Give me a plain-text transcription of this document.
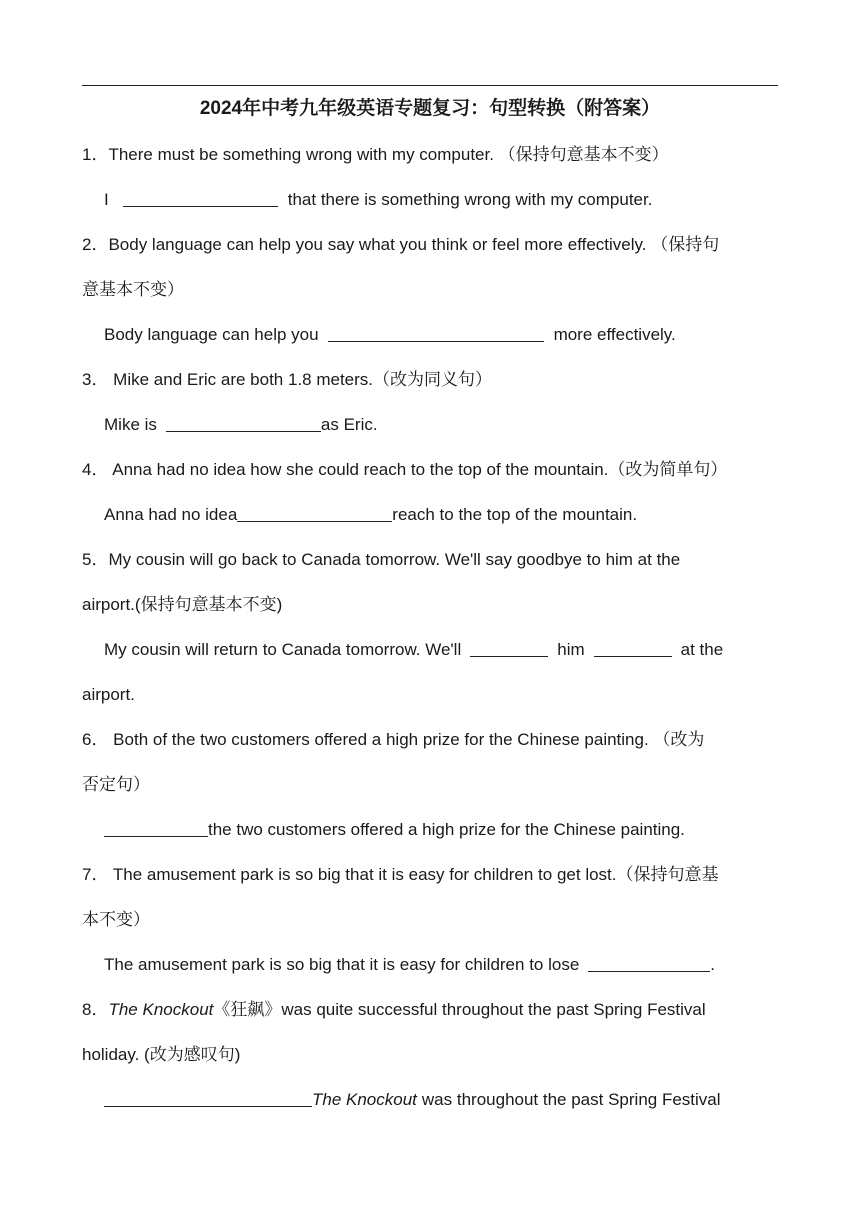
2024年中考九年级英语专题复习：句型转换（附答案）
1．There must be something wrong with my computer. （保持句意基本不变）
I	that there is something wrong with my computer.
2．Body language can help you say what you think or feel more effectively. （保持句
意基本不变）
Body language can help you	more effectively.
3． Mike and Eric are both 1.8 meters.（改为同义句）
Mike is	as Eric.
4． Anna had no idea how she could reach to the top of the mountain.（改为简单句）
Anna had no idea	reach to the top of the mountain.
5．My cousin will go back to Canada tomorrow. We'll say goodbye to him at the
airport.(保持句意基本不变)
My cousin will return to Canada tomorrow. We'll	him	at the
airport.
6． Both of the two customers offered a high prize for the Chinese painting. （改为
否定句）
the two customers offered a high prize for the Chinese painting.
7． The amusement park is so big that it is easy for children to get lost.（保持句意基
本不变）
The amusement park is so big that it is easy for children to lose	.
8．The Knockout《狂飙》was quite successful throughout the past Spring Festival
holiday. (改为感叹句)
The Knockout was throughout the past Spring Festival
